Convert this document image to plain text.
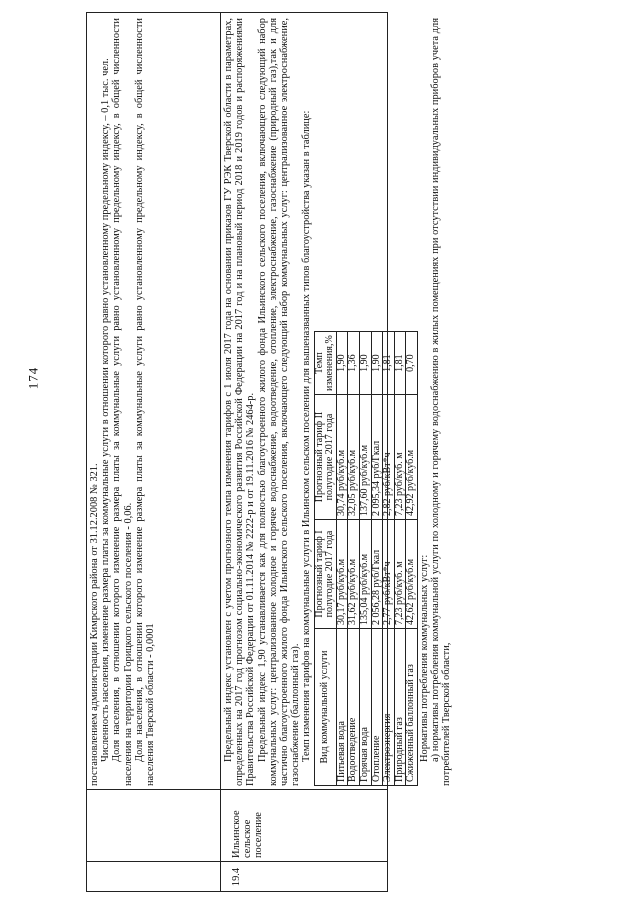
174

постановлением администрации Кимрского района от 31.12.2008 № 321. Численность населения, изменение размера платы за коммунальные услуги в отношении которого равно установленному предельному индексу, – 0,1 тыс. чел. Доля населения, в отношении которого изменение размера платы за коммунальные услуги равно установленному предельному индексу, в общей численности населения на территории Горицкого сельского поселения - 0,06. Доля населения, в отношении которого изменение размера платы за коммунальные услуги равно установленному предельному индексу, в общей численности населения Тверской области - 0,0001

19.4
Ильинское сельское поселение

Предельный индекс установлен с учетом прогнозного темпа изменения тарифов с 1 июля 2017 года на основании приказов ГУ РЭК Тверской области в параметрах, определенных на 2017 год прогнозом социально-экономического развития Российской Федерации на 2017 год и на плановый период 2018 и 2019 годов и распоряжениями Правительства Российской Федерации от 01.11.2014 № 2222-р и от 19.11.2016 № 2464-р. Предельный индекс 1,90 устанавливается как для полностью благоустроенного жилого фонда Ильинского сельского поселения, включающего следующий набор коммунальных услуг: централизованное холодное и горячее водоснабжение, водоотведение, отопление, электроснабжение, газоснабжение (природный газ),так и для частично благоустроенного жилого фонда Ильинского сельского поселения, включающего следующий набор коммунальных услуг: централизованное электроснабжение, газоснабжение (баллонный газ). Темп изменения тарифов на коммунальные услуги в Ильинском сельском поселении для вышеназванных типов благоустройства указан в таблице: Вид коммунальной услуги	Прогнозный тариф I полугодие 2017 года	Прогнозный тариф II полугодие 2017 года	Темп изменения,%
Питьевая вода	30,17 руб/куб.м	30,74 руб/куб.м	1,90
Водоотведение	31,62 руб/куб.м	32,05 руб/куб.м	1,36
Горячая вода	135,04 руб/куб.м	137,60 руб/куб.м	1,90
Отопление	2 056,28 руб/Гкал	2 095,34 руб/Гкал	1,90
Электроэнергия	2,77 руб/кВт*ч	2,82 руб/кВт*ч	1,81
Природный газ	7,23 руб/куб. м	7,23 руб/куб. м	1,81
Сжиженный баллонный газ	42,62 руб/куб.м	42,92 руб/куб.м	0,70

Нормативы потребления коммунальных услуг: а) нормативы потребления коммунальной услуги по холодному и горячему водоснабжению в жилых помещениях при отсутствии индивидуальных приборов учета для потребителей Тверской области,
